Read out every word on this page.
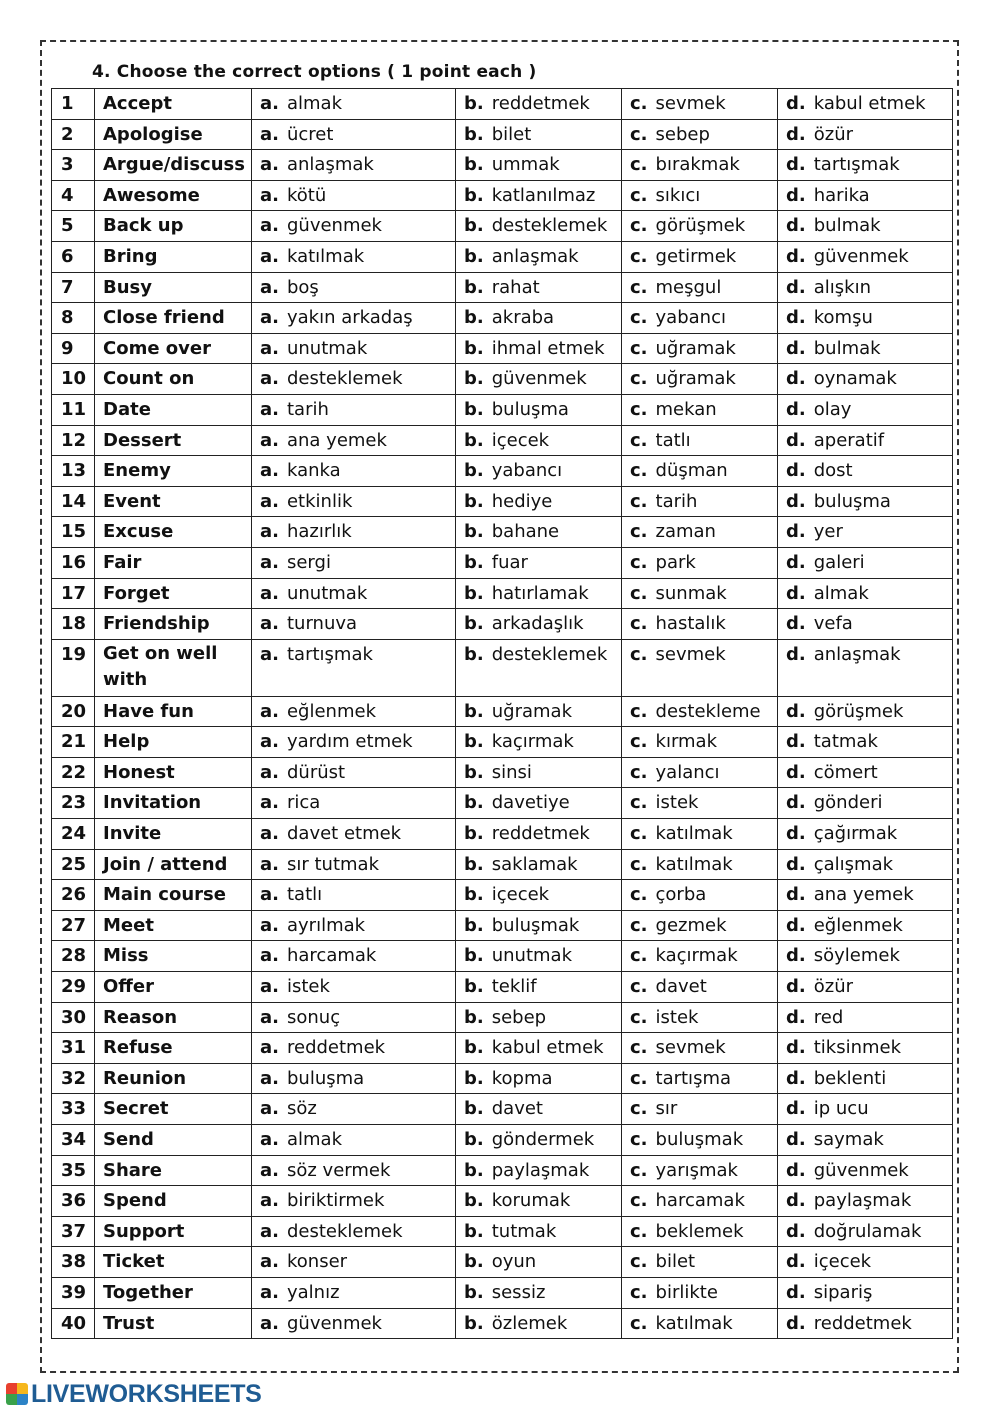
4. Choose the correct options ( 1 point each )
1	Accept	a. almak	b. reddetmek	c. sevmek	d. kabul etmek
2	Apologise	a. ücret	b. bilet	c. sebep	d. özür
3	Argue/discuss	a. anlaşmak	b. ummak	c. bırakmak	d. tartışmak
4	Awesome	a. kötü	b. katlanılmaz	c. sıkıcı	d. harika
5	Back up	a. güvenmek	b. desteklemek	c. görüşmek	d. bulmak
6	Bring	a. katılmak	b. anlaşmak	c. getirmek	d. güvenmek
7	Busy	a. boş	b. rahat	c. meşgul	d. alışkın
8	Close friend	a. yakın arkadaş	b. akraba	c. yabancı	d. komşu
9	Come over	a. unutmak	b. ihmal etmek	c. uğramak	d. bulmak
10	Count on	a. desteklemek	b. güvenmek	c. uğramak	d. oynamak
11	Date	a. tarih	b. buluşma	c. mekan	d. olay
12	Dessert	a. ana yemek	b. içecek	c. tatlı	d. aperatif
13	Enemy	a. kanka	b. yabancı	c. düşman	d. dost
14	Event	a. etkinlik	b. hediye	c. tarih	d. buluşma
15	Excuse	a. hazırlık	b. bahane	c. zaman	d. yer
16	Fair	a. sergi	b. fuar	c. park	d. galeri
17	Forget	a. unutmak	b. hatırlamak	c. sunmak	d. almak
18	Friendship	a. turnuva	b. arkadaşlık	c. hastalık	d. vefa
19	Get on well with	a. tartışmak	b. desteklemek	c. sevmek	d. anlaşmak
20	Have fun	a. eğlenmek	b. uğramak	c. destekleme	d. görüşmek
21	Help	a. yardım etmek	b. kaçırmak	c. kırmak	d. tatmak
22	Honest	a. dürüst	b. sinsi	c. yalancı	d. cömert
23	Invitation	a. rica	b. davetiye	c. istek	d. gönderi
24	Invite	a. davet etmek	b. reddetmek	c. katılmak	d. çağırmak
25	Join / attend	a. sır tutmak	b. saklamak	c. katılmak	d. çalışmak
26	Main course	a. tatlı	b. içecek	c. çorba	d. ana yemek
27	Meet	a. ayrılmak	b. buluşmak	c. gezmek	d. eğlenmek
28	Miss	a. harcamak	b. unutmak	c. kaçırmak	d. söylemek
29	Offer	a. istek	b. teklif	c. davet	d. özür
30	Reason	a. sonuç	b. sebep	c. istek	d. red
31	Refuse	a. reddetmek	b. kabul etmek	c. sevmek	d. tiksinmek
32	Reunion	a. buluşma	b. kopma	c. tartışma	d. beklenti
33	Secret	a. söz	b. davet	c. sır	d. ip ucu
34	Send	a. almak	b. göndermek	c. buluşmak	d. saymak
35	Share	a. söz vermek	b. paylaşmak	c. yarışmak	d. güvenmek
36	Spend	a. biriktirmek	b. korumak	c. harcamak	d. paylaşmak
37	Support	a. desteklemek	b. tutmak	c. beklemek	d. doğrulamak
38	Ticket	a. konser	b. oyun	c. bilet	d. içecek
39	Together	a. yalnız	b. sessiz	c. birlikte	d. sipariş
40	Trust	a. güvenmek	b. özlemek	c. katılmak	d. reddetmek
LIVEWORKSHEETS
